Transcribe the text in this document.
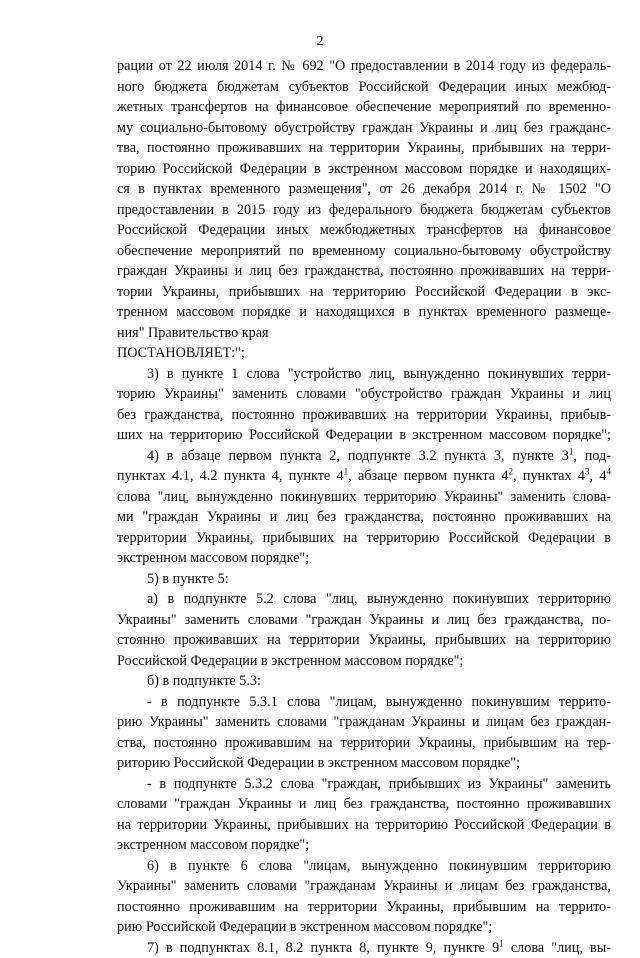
2
рации от 22 июля 2014 г. № 692 "О предоставлении в 2014 году из федераль-
ного бюджета бюджетам субъектов Российской Федерации иных межбюд-
жетных трансфертов на финансовое обеспечение мероприятий по временно-
му социально-бытовому обустройству граждан Украины и лиц без гражданс-
тва, постоянно проживавших на территории Украины, прибывших на терри-
торию Российской Федерации в экстренном массовом порядке и находящих-
ся в пунктах временного размещения", от 26 декабря 2014 г. № 1502 "О
предоставлении в 2015 году из федерального бюджета бюджетам субъектов
Российской Федерации иных межбюджетных трансфертов на финансовое
обеспечение мероприятий по временному социально-бытовому обустройству
граждан Украины и лиц без гражданства, постоянно проживавших на терри-
тории Украины, прибывших на территорию Российской Федерации в экс-
тренном массовом порядке и находящихся в пунктах временного размеще-
ния" Правительство края
ПОСТАНОВЛЯЕТ:";
3) в пункте 1 слова "устройство лиц, вынужденно покинувших терри-
торию Украины" заменить словами "обустройство граждан Украины и лиц
без гражданства, постоянно проживавших на территории Украины, прибыв-
ших на территорию Российской Федерации в экстренном массовом порядке";
4) в абзаце первом пункта 2, подпункте 3.2 пункта 3, пункте $3^1$, под-
пунктах 4.1, 4.2 пункта 4, пункте $4^1$, абзаце первом пункта $4^2$, пунктах $4^3$, $4^4$
слова "лиц, вынужденно покинувших территорию Украины" заменить слова-
ми "граждан Украины и лиц без гражданства, постоянно проживавших на
территории Украины, прибывших на территорию Российской Федерации в
экстренном массовом порядке";
5) в пункте 5:
а) в подпункте 5.2 слова "лиц, вынужденно покинувших территорию
Украины" заменить словами "граждан Украины и лиц без гражданства, по-
стоянно проживавших на территории Украины, прибывших на территорию
Российской Федерации в экстренном массовом порядке";
б) в подпункте 5.3:
- в подпункте 5.3.1 слова "лицам, вынужденно покинувшим террито-
рию Украины" заменить словами "гражданам Украины и лицам без граждан-
ства, постоянно проживавшим на территории Украины, прибывшим на тер-
риторию Российской Федерации в экстренном массовом порядке";
- в подпункте 5.3.2 слова "граждан, прибывших из Украины" заменить
словами "граждан Украины и лиц без гражданства, постоянно проживавших
на территории Украины, прибывших на территорию Российской Федерации в
экстренном массовом порядке";
6) в пункте 6 слова "лицам, вынужденно покинувшим территорию
Украины" заменить словами "гражданам Украины и лицам без гражданства,
постоянно проживавшим на территории Украины, прибывшим на террито-
рию Российской Федерации в экстренном массовом порядке";
7) в подпунктах 8.1, 8.2 пункта 8, пункте 9, пункте $9^1$ слова "лиц, вы-
